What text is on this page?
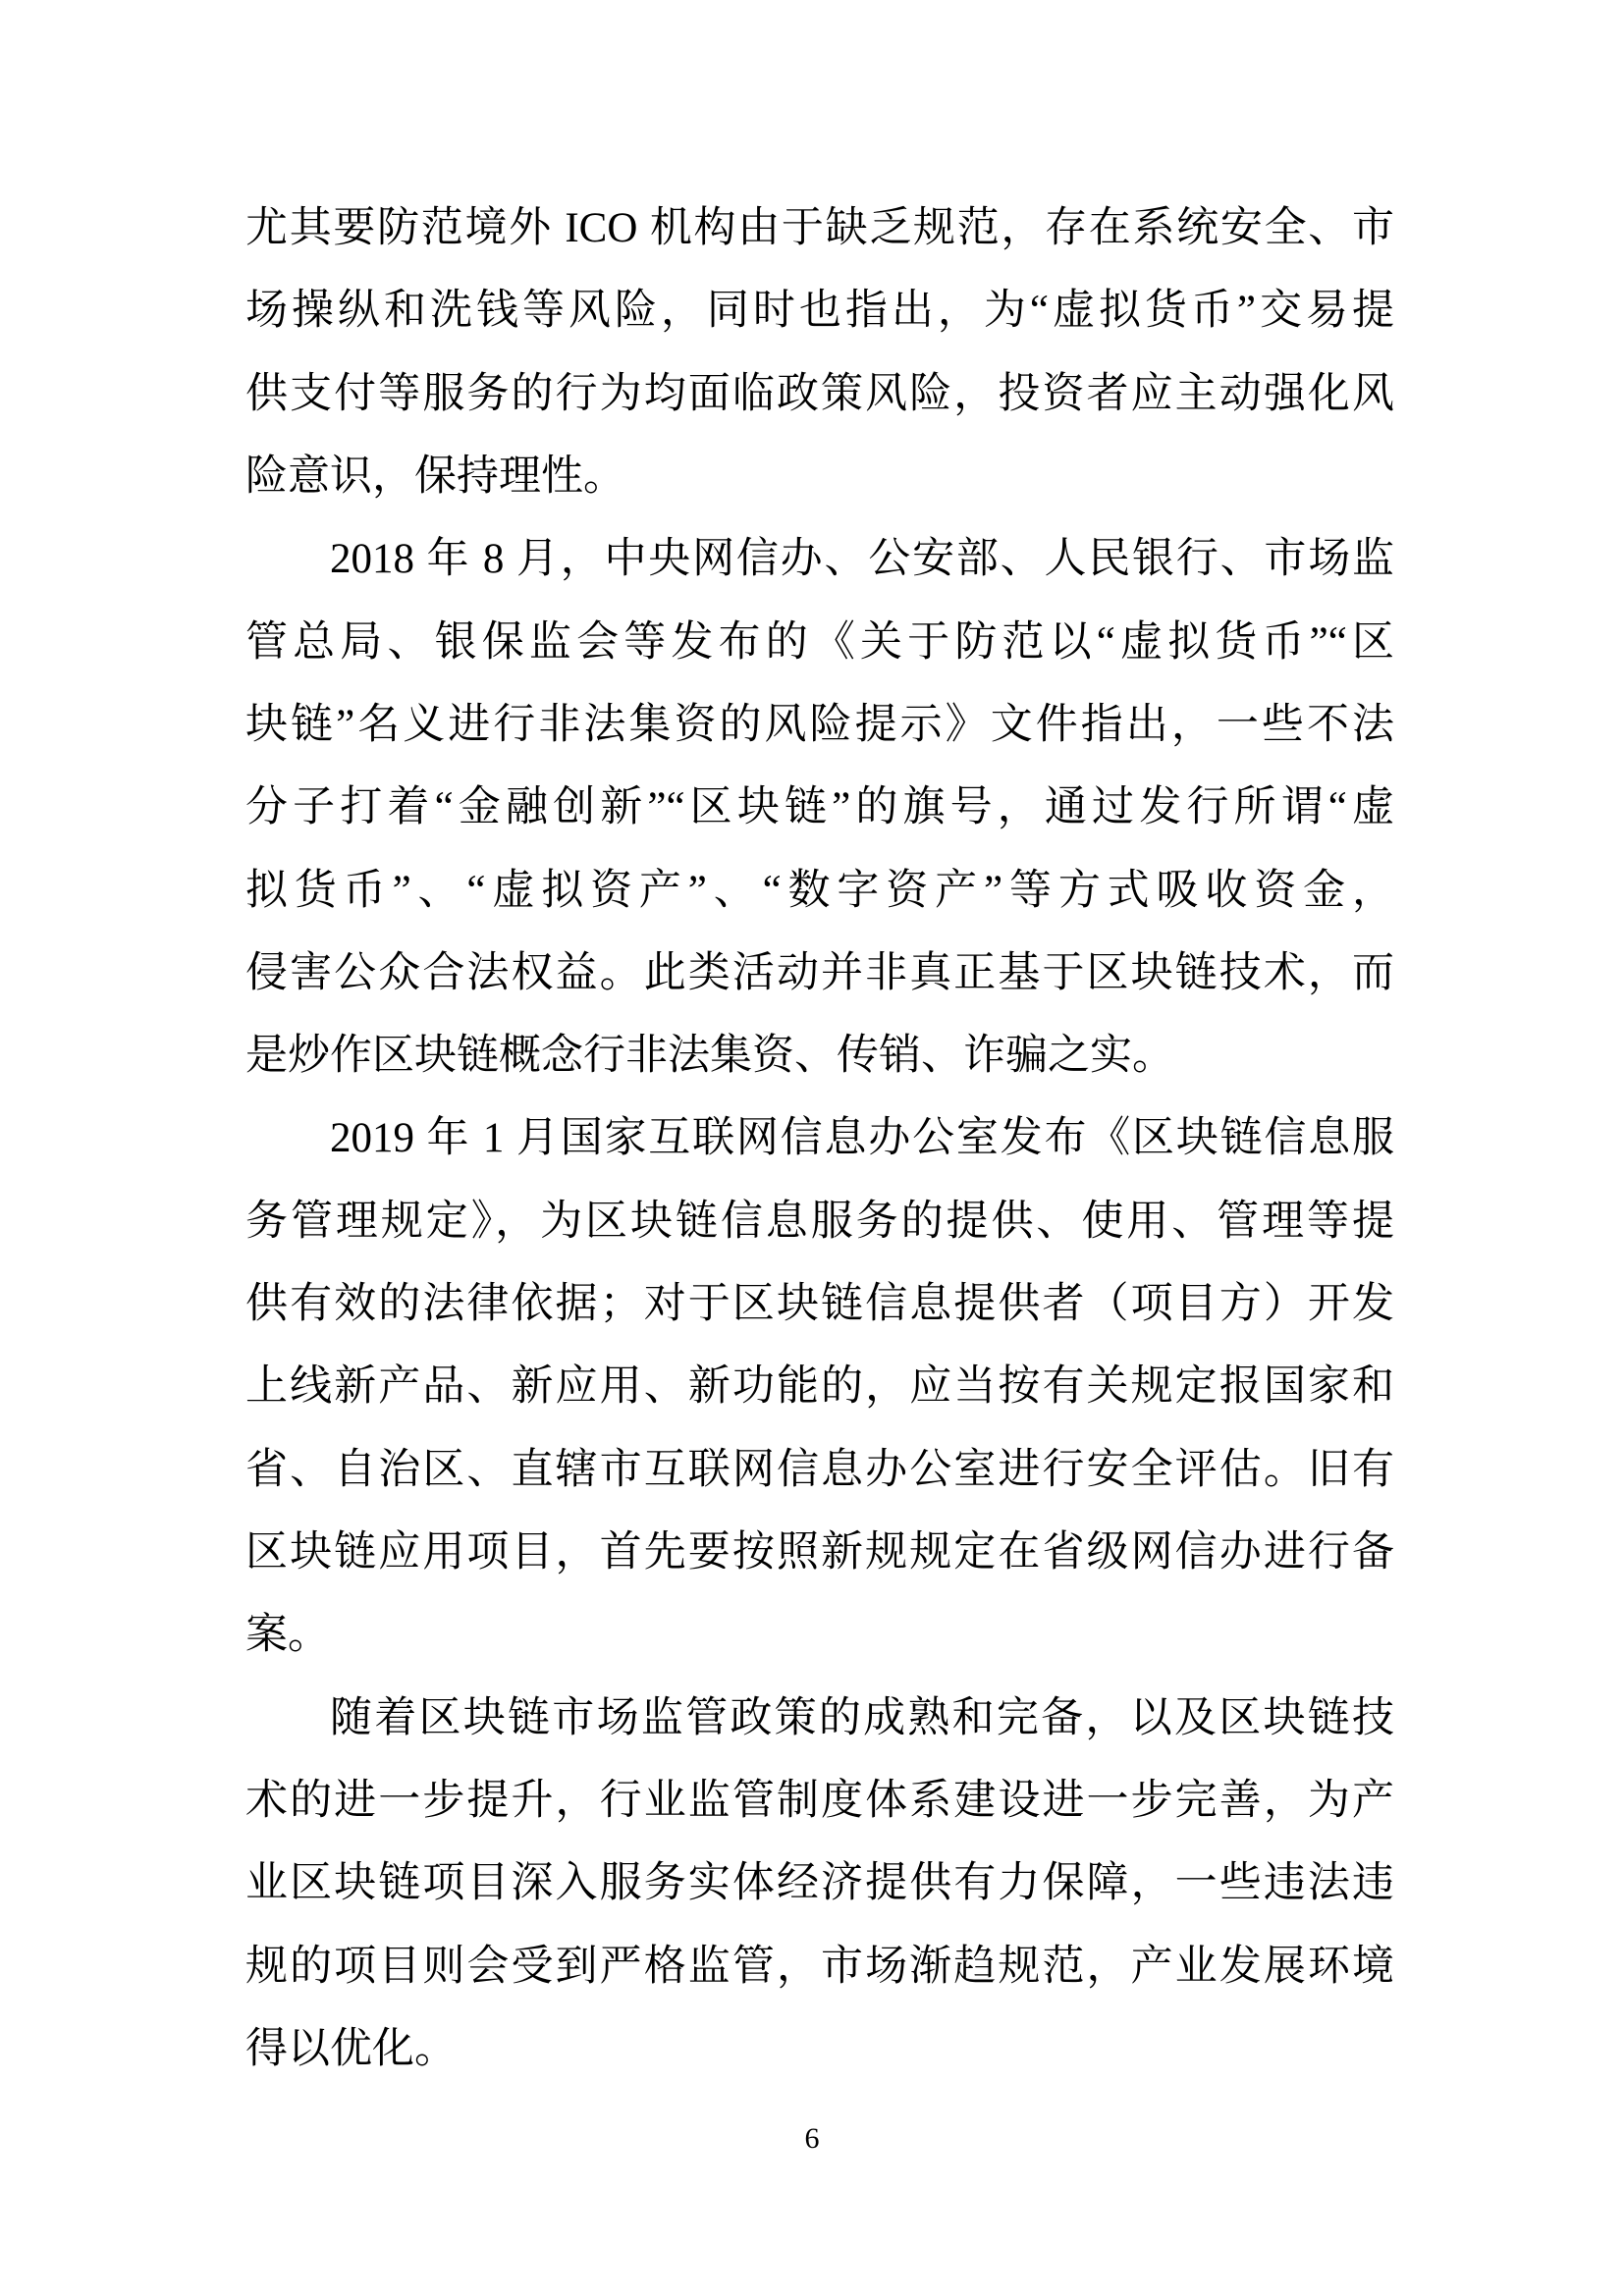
尤其要防范境外 ICO 机构由于缺乏规范，存在系统安全、市
场操纵和洗钱等风险，同时也指出，为“虚拟货币”交易提
供支付等服务的行为均面临政策风险，投资者应主动强化风
险意识，保持理性。
2018 年 8 月，中央网信办、公安部、人民银行、市场监
管总局、银保监会等发布的《关于防范以“虚拟货币”“区
块链”名义进行非法集资的风险提示》文件指出，一些不法
分子打着“金融创新”“区块链”的旗号，通过发行所谓“虚
拟货币”、“虚拟资产”、“数字资产”等方式吸收资金，
侵害公众合法权益。此类活动并非真正基于区块链技术，而
是炒作区块链概念行非法集资、传销、诈骗之实。
2019 年 1 月国家互联网信息办公室发布《区块链信息服
务管理规定》，为区块链信息服务的提供、使用、管理等提
供有效的法律依据；对于区块链信息提供者（项目方）开发
上线新产品、新应用、新功能的，应当按有关规定报国家和
省、自治区、直辖市互联网信息办公室进行安全评估。旧有
区块链应用项目，首先要按照新规规定在省级网信办进行备
案。
随着区块链市场监管政策的成熟和完备，以及区块链技
术的进一步提升，行业监管制度体系建设进一步完善，为产
业区块链项目深入服务实体经济提供有力保障，一些违法违
规的项目则会受到严格监管，市场渐趋规范，产业发展环境
得以优化。
6
